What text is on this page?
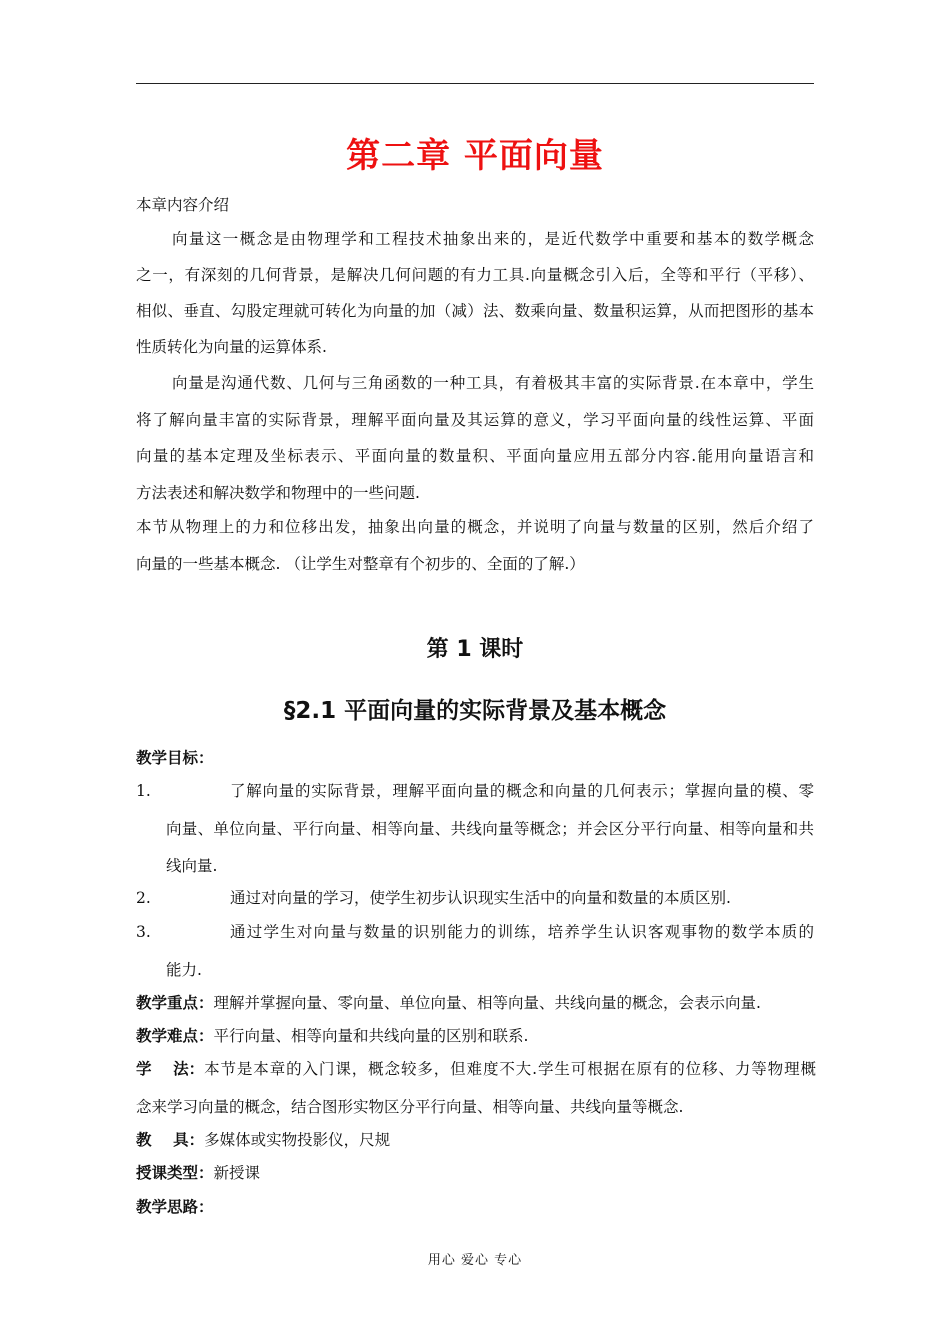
第二章 平面向量
本章内容介绍
向量这一概念是由物理学和工程技术抽象出来的，是近代数学中重要和基本的数学概念
之一，有深刻的几何背景，是解决几何问题的有力工具.向量概念引入后，全等和平行（平移）、
相似、垂直、勾股定理就可转化为向量的加（减）法、数乘向量、数量积运算，从而把图形的基本
性质转化为向量的运算体系.
向量是沟通代数、几何与三角函数的一种工具，有着极其丰富的实际背景.在本章中，学生
将了解向量丰富的实际背景，理解平面向量及其运算的意义，学习平面向量的线性运算、平面
向量的基本定理及坐标表示、平面向量的数量积、平面向量应用五部分内容.能用向量语言和
方法表述和解决数学和物理中的一些问题.
本节从物理上的力和位移出发，抽象出向量的概念，并说明了向量与数量的区别，然后介绍了
向量的一些基本概念. （让学生对整章有个初步的、全面的了解.）
第 1 课时
§2.1 平面向量的实际背景及基本概念
教学目标：
1.	了解向量的实际背景，理解平面向量的概念和向量的几何表示；掌握向量的模、零
向量、单位向量、平行向量、相等向量、共线向量等概念；并会区分平行向量、相等向量和共
线向量.
2.	通过对向量的学习，使学生初步认识现实生活中的向量和数量的本质区别.
3.	通过学生对向量与数量的识别能力的训练，培养学生认识客观事物的数学本质的
能力.
教学重点：理解并掌握向量、零向量、单位向量、相等向量、共线向量的概念，会表示向量.
教学难点：平行向量、相等向量和共线向量的区别和联系.
学    法： 本节是本章的入门课，概念较多，但难度不大.学生可根据在原有的位移、力等物理概
念来学习向量的概念，结合图形实物区分平行向量、相等向量、共线向量等概念.
教    具：多媒体或实物投影仪，尺规
授课类型：新授课
教学思路：
用心 爱心 专心
